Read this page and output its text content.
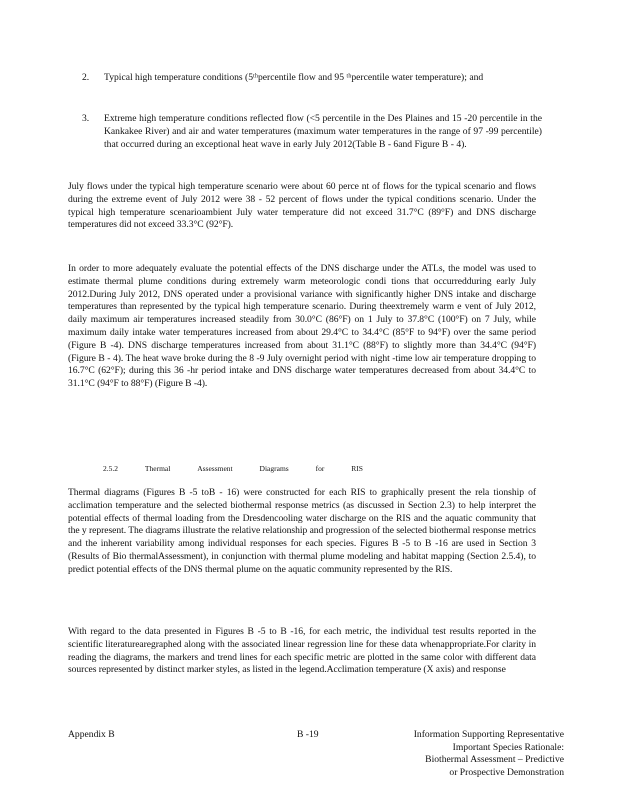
2. Typical high temperature conditions (5ᵗʰpercentile flow and 95 ᵗʰpercentile water temperature); and
3. Extreme high temperature conditions reflected flow (<5 percentile in the Des Plaines and 15 -20 percentile in the Kankakee River) and air and water temperatures (maximum water temperatures in the range of 97 -99 percentile) that occurred during an exceptional heat wave in early July 2012(Table B - 6and Figure B - 4).
July flows under the typical high temperature scenario were about 60 perce nt of flows for the typical scenario and flows during the extreme event of July 2012 were 38 - 52 percent of flows under the typical conditions scenario. Under the typical high temperature scenarioambient July water temperature did not exceed 31.7°C (89°F) and DNS discharge temperatures did not exceed 33.3°C (92°F).
In order to more adequately evaluate the potential effects of the DNS discharge under the ATLs, the model was used to estimate thermal plume conditions during extremely warm meteorologic condi tions that occurredduring early July 2012.During July 2012, DNS operated under a provisional variance with significantly higher DNS intake and discharge temperatures than represented by the typical high temperature scenario. During theextremely warm e vent of July 2012, daily maximum air temperatures increased steadily from 30.0°C (86°F) on 1 July to 37.8°C (100°F) on 7 July, while maximum daily intake water temperatures increased from about 29.4°C to 34.4°C (85°F to 94°F) over the same period (Figure B -4). DNS discharge temperatures increased from about 31.1°C (88°F) to slightly more than 34.4°C (94°F) (Figure B - 4). The heat wave broke during the 8 -9 July overnight period with night -time low air temperature dropping to 16.7°C (62°F); during this 36 -hr period intake and DNS discharge water temperatures decreased from about 34.4°C to 31.1°C (94°F to 88°F) (Figure B -4).
2.5.2	Thermal	Assessment	Diagrams	for	RIS
Thermal diagrams (Figures B -5 toB - 16) were constructed for each RIS to graphically present the rela tionship of acclimation temperature and the selected biothermal response metrics (as discussed in Section 2.3) to help interpret the potential effects of thermal loading from the Dresdencooling water discharge on the RIS and the aquatic community that the y represent. The diagrams illustrate the relative relationship and progression of the selected biothermal response metrics and the inherent variability among individual responses for each species. Figures B -5 to B -16 are used in Section 3 (Results of Bio thermalAssessment), in conjunction with thermal plume modeling and habitat mapping (Section 2.5.4), to predict potential effects of the DNS thermal plume on the aquatic community represented by the RIS.
With regard to the data presented in Figures B -5 to B -16, for each metric, the individual test results reported in the scientific literaturearegraphed along with the associated linear regression line for these data whenappropriate.For clarity in reading the diagrams, the markers and trend lines for each specific metric are plotted in the same color with different data sources represented by distinct marker styles, as listed in the legend.Acclimation temperature (X axis) and response
Appendix B	B -19	Information Supporting Representative
Important Species Rationale:
Biothermal Assessment – Predictive
or Prospective Demonstration
